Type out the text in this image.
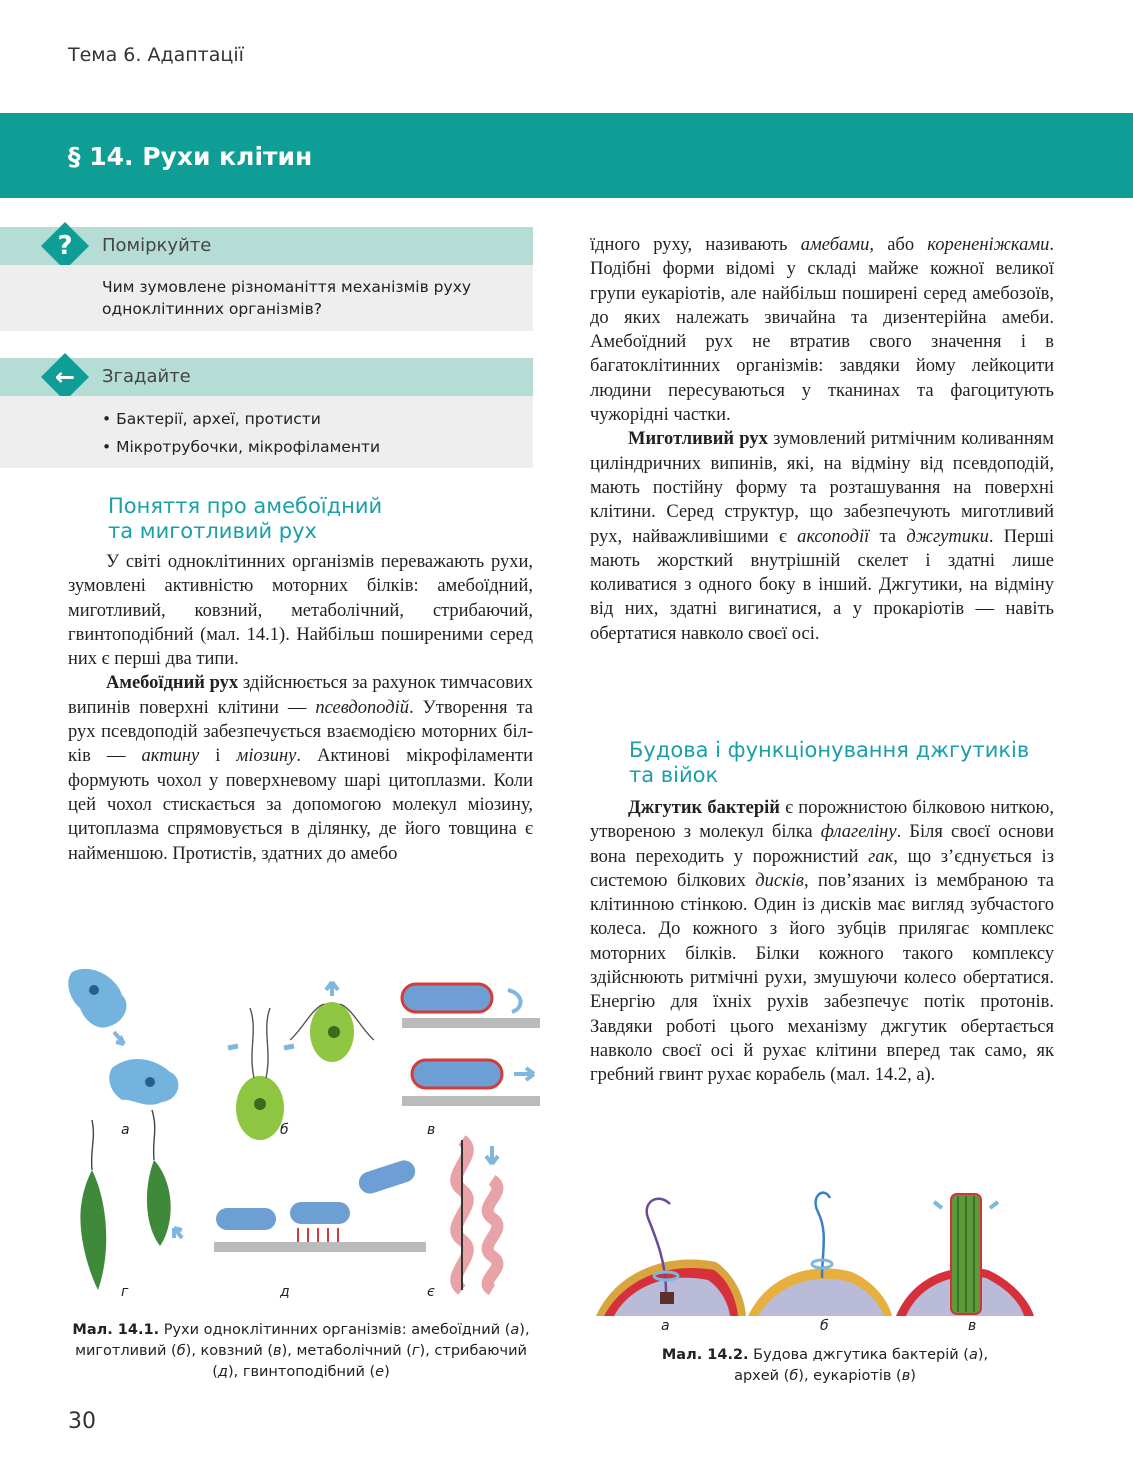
Тема 6. Адаптації
§ 14. Рухи клітин
?	Поміркуйте
Чим зумовлене різноманіття механізмів руху
одноклітинних організмів?
←	Згадайте
• Бактерії, археї, протисти
• Мікротрубочки, мікрофіламенти
Поняття про амебоїдний
та миготливий рух

У світі одноклітинних організмів переважають рухи, зумовлені активністю моторних білків: амебоїдний, миготливий, ковзний, метаболічний, стрибаючий, гвинтоподібний (мал. 14.1). Найбільш поширеними серед них є перші два типи.

Амебоїдний рух здійснюється за рахунок тимчасових випинів поверхні клітини — псевдоподій. Утворення та рух псевдоподій забезпечується взаємодією моторних білків — актину і міозину. Актинові мікрофіламенти формують чохол у поверхневому шарі цитоплазми. Коли цей чохол стискається за допомогою молекул міозину, цитоплазма спрямовується в ділянку, де його товщина є найменшою. Протистів, здатних до амебо

їдного руху, називають амебами, або корененіжками. Подібні форми відомі у складі майже кожної великої групи еукаріотів, але найбільш поширені серед амебозоїв, до яких належать звичайна та дизентерійна амеби. Амебоїдний рух не втратив свого значення і в багатоклітинних організмів: завдяки йому лейкоцити людини пересуваються у тканинах та фагоцитують чужорідні частки.

Миготливий рух зумовлений ритмічним коливанням циліндричних випинів, які, на відміну від псевдоподій, мають постійну форму та розташування на поверхні клітини. Серед структур, що забезпечують миготливий рух, найважливішими є аксоподії та джгутики. Перші мають жорсткий внутрішній скелет і здатні лише коливатися з одного боку в інший. Джгутики, на відміну від них, здатні вигинатися, а у прокаріотів — навіть обертатися навколо своєї осі.

Будова і функціонування джгутиків
та війок

Джгутик бактерій є порожнистою білковою ниткою, утвореною з молекул білка флагеліну. Біля своєї основи вона переходить у порожнистий гак, що з’єднується із системою білкових дисків, пов’язаних із мембраною та клітинною стінкою. Один із дисків має вигляд зубчастого колеса. До кожного з його зубців прилягає комплекс моторних білків. Білки кожного такого комплексу здійснюють ритмічні рухи, змушуючи колесо обертатися. Енергію для їхніх рухів забезпечує потік протонів. Завдяки роботі цього механізму джгутик обертається навколо своєї осі й рухає клітини вперед так само, як гребний гвинт рухає корабель (мал. 14.2, а).

а	б	в
г	д	є
Мал. 14.1. Рухи одноклітинних організмів: амебоїдний (а), миготливий (б), ковзний (в), метаболічний (г), стрибаючий (д), гвинтоподібний (е)
а	б	в
Мал. 14.2. Будова джгутика бактерій (а), архей (б), еукаріотів (в)
30
